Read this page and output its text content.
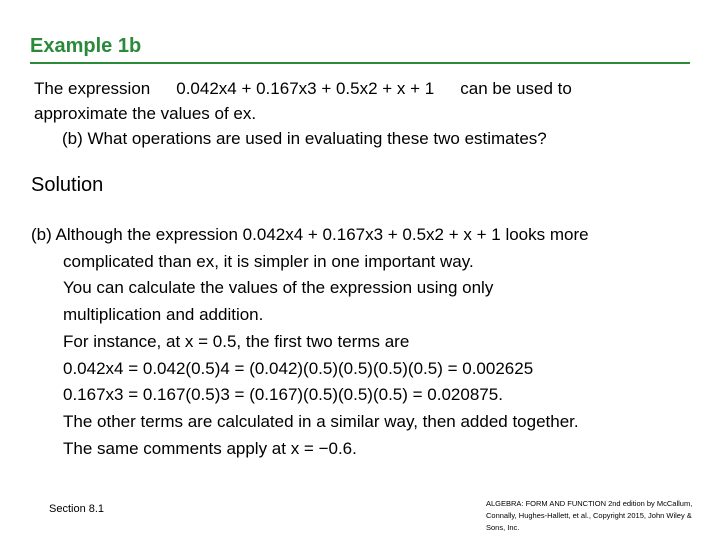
Example 1b
The expression 0.042x4 + 0.167x3 + 0.5x2 + x + 1 can be used to
approximate the values of ex.
(b) What operations are used in evaluating these two estimates?
Solution
(b) Although the expression 0.042x4 + 0.167x3 + 0.5x2 + x + 1 looks more
complicated than ex, it is simpler in one important way.
You can calculate the values of the expression using only
multiplication and addition.
For instance, at x = 0.5, the first two terms are
0.042x4 = 0.042(0.5)4 = (0.042)(0.5)(0.5)(0.5)(0.5) = 0.002625
0.167x3 = 0.167(0.5)3 = (0.167)(0.5)(0.5)(0.5) = 0.020875.
The other terms are calculated in a similar way, then added together.
The same comments apply at x = −0.6.
Section 8.1	ALGEBRA: FORM AND FUNCTION 2nd edition by McCallum, Connally, Hughes-Hallett, et al., Copyright 2015, John Wiley & Sons, Inc.
